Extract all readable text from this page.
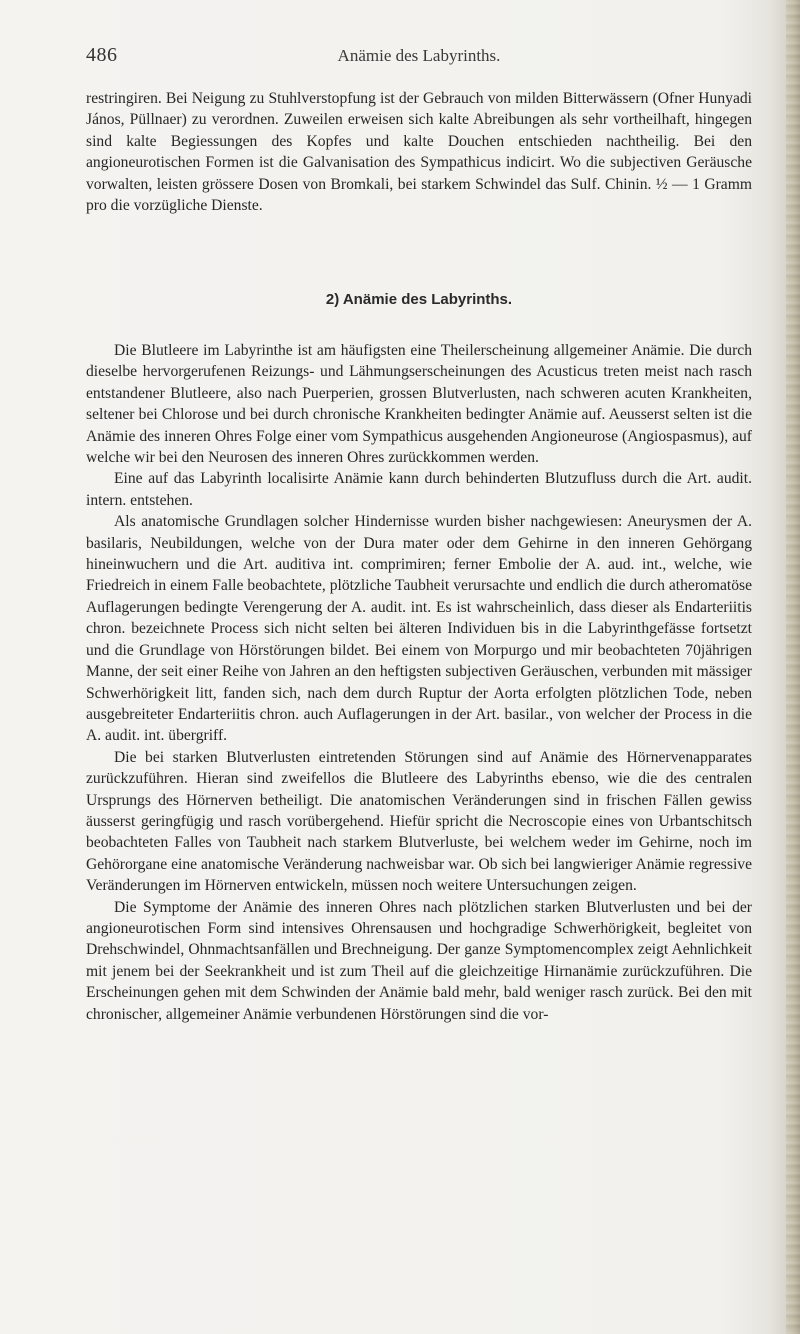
486	Anämie des Labyrinths.

restringiren. Bei Neigung zu Stuhlverstopfung ist der Gebrauch von milden Bitterwässern (Ofner Hunyadi János, Püllnaer) zu verordnen. Zuweilen erweisen sich kalte Abreibungen als sehr vortheilhaft, hingegen sind kalte Begiessungen des Kopfes und kalte Douchen entschieden nachtheilig. Bei den angioneurotischen Formen ist die Galvanisation des Sympathicus indicirt. Wo die subjectiven Geräusche vorwalten, leisten grössere Dosen von Bromkali, bei starkem Schwindel das Sulf. Chinin. ½ — 1 Gramm pro die vorzügliche Dienste.

2) Anämie des Labyrinths.

Die Blutleere im Labyrinthe ist am häufigsten eine Theilerscheinung allgemeiner Anämie. Die durch dieselbe hervorgerufenen Reizungs- und Lähmungserscheinungen des Acusticus treten meist nach rasch entstandener Blutleere, also nach Puerperien, grossen Blutverlusten, nach schweren acuten Krankheiten, seltener bei Chlorose und bei durch chronische Krankheiten bedingter Anämie auf. Aeusserst selten ist die Anämie des inneren Ohres Folge einer vom Sympathicus ausgehenden Angioneurose (Angiospasmus), auf welche wir bei den Neurosen des inneren Ohres zurückkommen werden.

Eine auf das Labyrinth localisirte Anämie kann durch behinderten Blutzufluss durch die Art. audit. intern. entstehen.

Als anatomische Grundlagen solcher Hindernisse wurden bisher nachgewiesen: Aneurysmen der A. basilaris, Neubildungen, welche von der Dura mater oder dem Gehirne in den inneren Gehörgang hineinwuchern und die Art. auditiva int. comprimiren; ferner Embolie der A. aud. int., welche, wie Friedreich in einem Falle beobachtete, plötzliche Taubheit verursachte und endlich die durch atheromatöse Auflagerungen bedingte Verengerung der A. audit. int. Es ist wahrscheinlich, dass dieser als Endarteriitis chron. bezeichnete Process sich nicht selten bei älteren Individuen bis in die Labyrinthgefässe fortsetzt und die Grundlage von Hörstörungen bildet. Bei einem von Morpurgo und mir beobachteten 70jährigen Manne, der seit einer Reihe von Jahren an den heftigsten subjectiven Geräuschen, verbunden mit mässiger Schwerhörigkeit litt, fanden sich, nach dem durch Ruptur der Aorta erfolgten plötzlichen Tode, neben ausgebreiteter Endarteriitis chron. auch Auflagerungen in der Art. basilar., von welcher der Process in die A. audit. int. übergriff.

Die bei starken Blutverlusten eintretenden Störungen sind auf Anämie des Hörnervenapparates zurückzuführen. Hieran sind zweifellos die Blutleere des Labyrinths ebenso, wie die des centralen Ursprungs des Hörnerven betheiligt. Die anatomischen Veränderungen sind in frischen Fällen gewiss äusserst geringfügig und rasch vorübergehend. Hiefür spricht die Necroscopie eines von Urbantschitsch beobachteten Falles von Taubheit nach starkem Blutverluste, bei welchem weder im Gehirne, noch im Gehörorgane eine anatomische Veränderung nachweisbar war. Ob sich bei langwieriger Anämie regressive Veränderungen im Hörnerven entwickeln, müssen noch weitere Untersuchungen zeigen.

Die Symptome der Anämie des inneren Ohres nach plötzlichen starken Blutverlusten und bei der angioneurotischen Form sind intensives Ohrensausen und hochgradige Schwerhörigkeit, begleitet von Drehschwindel, Ohnmachtsanfällen und Brechneigung. Der ganze Symptomencomplex zeigt Aehnlichkeit mit jenem bei der Seekrankheit und ist zum Theil auf die gleichzeitige Hirnanämie zurückzuführen. Die Erscheinungen gehen mit dem Schwinden der Anämie bald mehr, bald weniger rasch zurück. Bei den mit chronischer, allgemeiner Anämie verbundenen Hörstörungen sind die vor-
